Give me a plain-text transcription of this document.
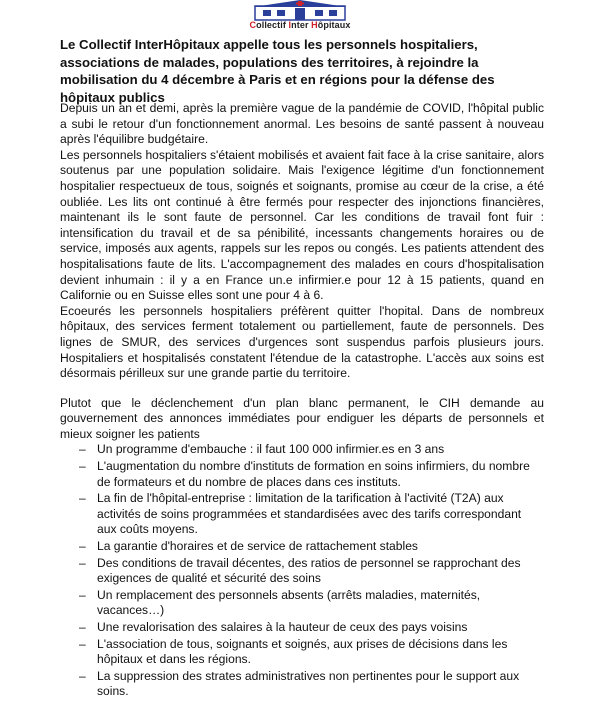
Collectif Inter Hôpitaux
Le Collectif InterHôpitaux appelle tous les personnels hospitaliers, associations de malades, populations des territoires, à rejoindre la mobilisation du 4 décembre à Paris et en régions pour la défense des hôpitaux publics

Depuis un an et demi, après la première vague de la pandémie de COVID, l'hôpital public a subi le retour d'un fonctionnement anormal. Les besoins de santé passent à nouveau après l'équilibre budgétaire.

Les personnels hospitaliers s'étaient mobilisés et avaient fait face à la crise sanitaire, alors soutenus par une population solidaire. Mais l'exigence légitime d'un fonctionnement hospitalier respectueux de tous, soignés et soignants, promise au cœur de la crise, a été oubliée. Les lits ont continué à être fermés pour respecter des injonctions financières, maintenant ils le sont faute de personnel. Car les conditions de travail font fuir : intensification du travail et de sa pénibilité, incessants changements horaires ou de service, imposés aux agents, rappels sur les repos ou congés. Les patients attendent des hospitalisations faute de lits. L'accompagnement des malades en cours d'hospitalisation devient inhumain : il y a en France un.e infirmier.e pour 12 à 15 patients, quand en Californie ou en Suisse elles sont une pour 4 à 6.

Ecoeurés les personnels hospitaliers préfèrent quitter l'hopital. Dans de nombreux hôpitaux, des services ferment totalement ou partiellement, faute de personnels. Des lignes de SMUR, des services d'urgences sont suspendus parfois plusieurs jours. Hospitaliers et hospitalisés constatent l'étendue de la catastrophe. L'accès aux soins est désormais périlleux sur une grande partie du territoire.

Plutot que le déclenchement d'un plan blanc permanent, le CIH demande au gouvernement des annonces immédiates pour endiguer les départs de personnels et mieux soigner les patients

– Un programme d'embauche : il faut 100 000 infirmier.es en 3 ans
– L'augmentation du nombre d'instituts de formation en soins infirmiers, du nombre de formateurs et du nombre de places dans ces instituts.
– La fin de l'hôpital-entreprise : limitation de la tarification à l'activité (T2A) aux activités de soins programmées et standardisées avec des tarifs correspondant aux coûts moyens.
– La garantie d'horaires et de service de rattachement stables
– Des conditions de travail décentes, des ratios de personnel se rapprochant des exigences de qualité et sécurité des soins
– Un remplacement des personnels absents (arrêts maladies, maternités, vacances…)
– Une revalorisation des salaires à la hauteur de ceux des pays voisins
– L'association de tous, soignants et soignés, aux prises de décisions dans les hôpitaux et dans les régions.
– La suppression des strates administratives non pertinentes pour le support aux soins.
